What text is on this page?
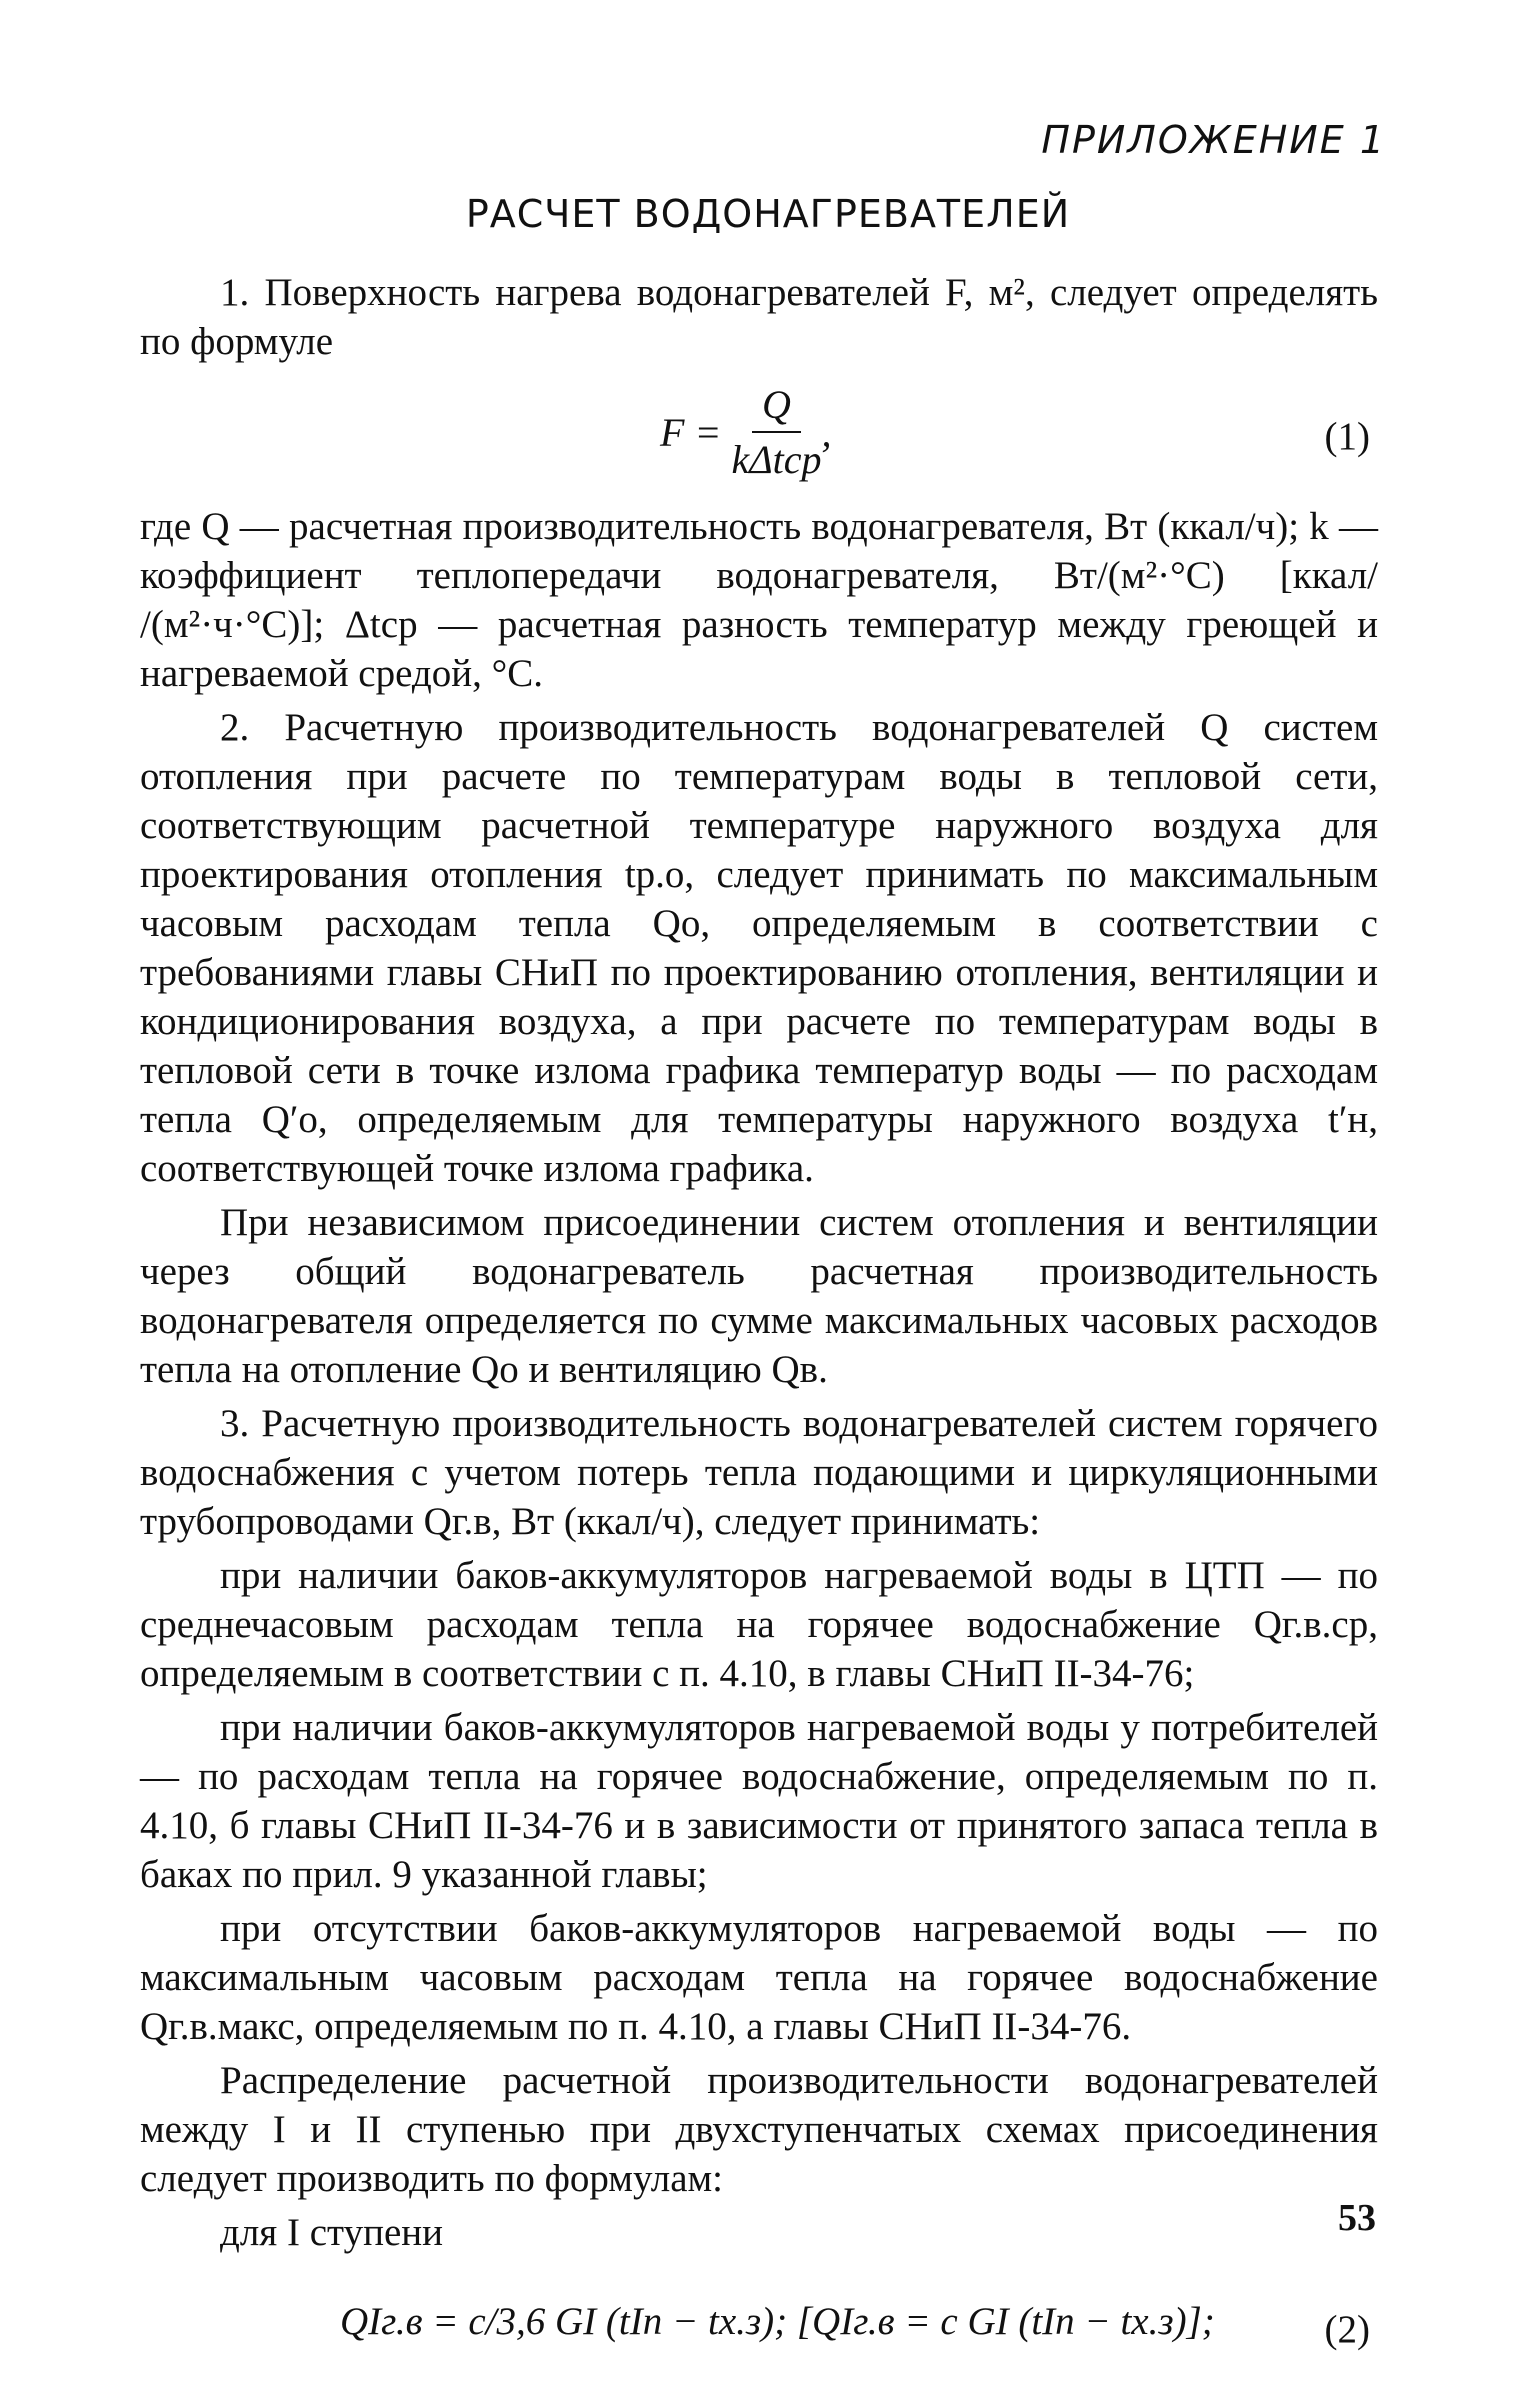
ПРИЛОЖЕНИЕ 1
РАСЧЕТ ВОДОНАГРЕВАТЕЛЕЙ

1. Поверхность нагрева водонагревателей F, м², следует определять по формуле

$F = \frac{Q}{\text{kΔtср}}$ ,	(1)

где Q — расчетная производительность водонагревателя, Вт (ккал/ч); k — коэффициент теплопередачи водонагревателя, Вт/(м²·°С) [ккал/ /(м²·ч·°С)]; Δtср — расчетная разность температур между греющей и нагреваемой средой, °С.

2. Расчетную производительность водонагревателей Q систем отопления при расчете по температурам воды в тепловой сети, соответствующим расчетной температуре наружного воздуха для проектирования отопления tр.о, следует принимать по максимальным часовым расходам тепла Qо, определяемым в соответствии с требованиями главы СНиП по проектированию отопления, вентиляции и кондиционирования воздуха, а при расчете по температурам воды в тепловой сети в точке излома графика температур воды — по расходам тепла Q′о, определяемым для температуры наружного воздуха t′н, соответствующей точке излома графика.

При независимом присоединении систем отопления и вентиляции через общий водонагреватель расчетная производительность водонагревателя определяется по сумме максимальных часовых расходов тепла на отопление Qо и вентиляцию Qв.

3. Расчетную производительность водонагревателей систем горячего водоснабжения с учетом потерь тепла подающими и циркуляционными трубопроводами Qг.в, Вт (ккал/ч), следует принимать:

при наличии баков-аккумуляторов нагреваемой воды в ЦТП — по среднечасовым расходам тепла на горячее водоснабжение Qг.в.ср, определяемым в соответствии с п. 4.10, в главы СНиП II-34-76;

при наличии баков-аккумуляторов нагреваемой воды у потребителей — по расходам тепла на горячее водоснабжение, определяемым по п. 4.10, б главы СНиП II-34-76 и в зависимости от принятого запаса тепла в баках по прил. 9 указанной главы;

при отсутствии баков-аккумуляторов нагреваемой воды — по максимальным часовым расходам тепла на горячее водоснабжение Qг.в.макс, определяемым по п. 4.10, а главы СНиП II-34-76.

Распределение расчетной производительности водонагревателей между I и II ступенью при двухступенчатых схемах присоединения следует производить по формулам:

для I ступени

QIг.в = c/3,6 GI (tIп − tх.з); [QIг.в = c GI (tIп − tх.з)];	(2)
53
